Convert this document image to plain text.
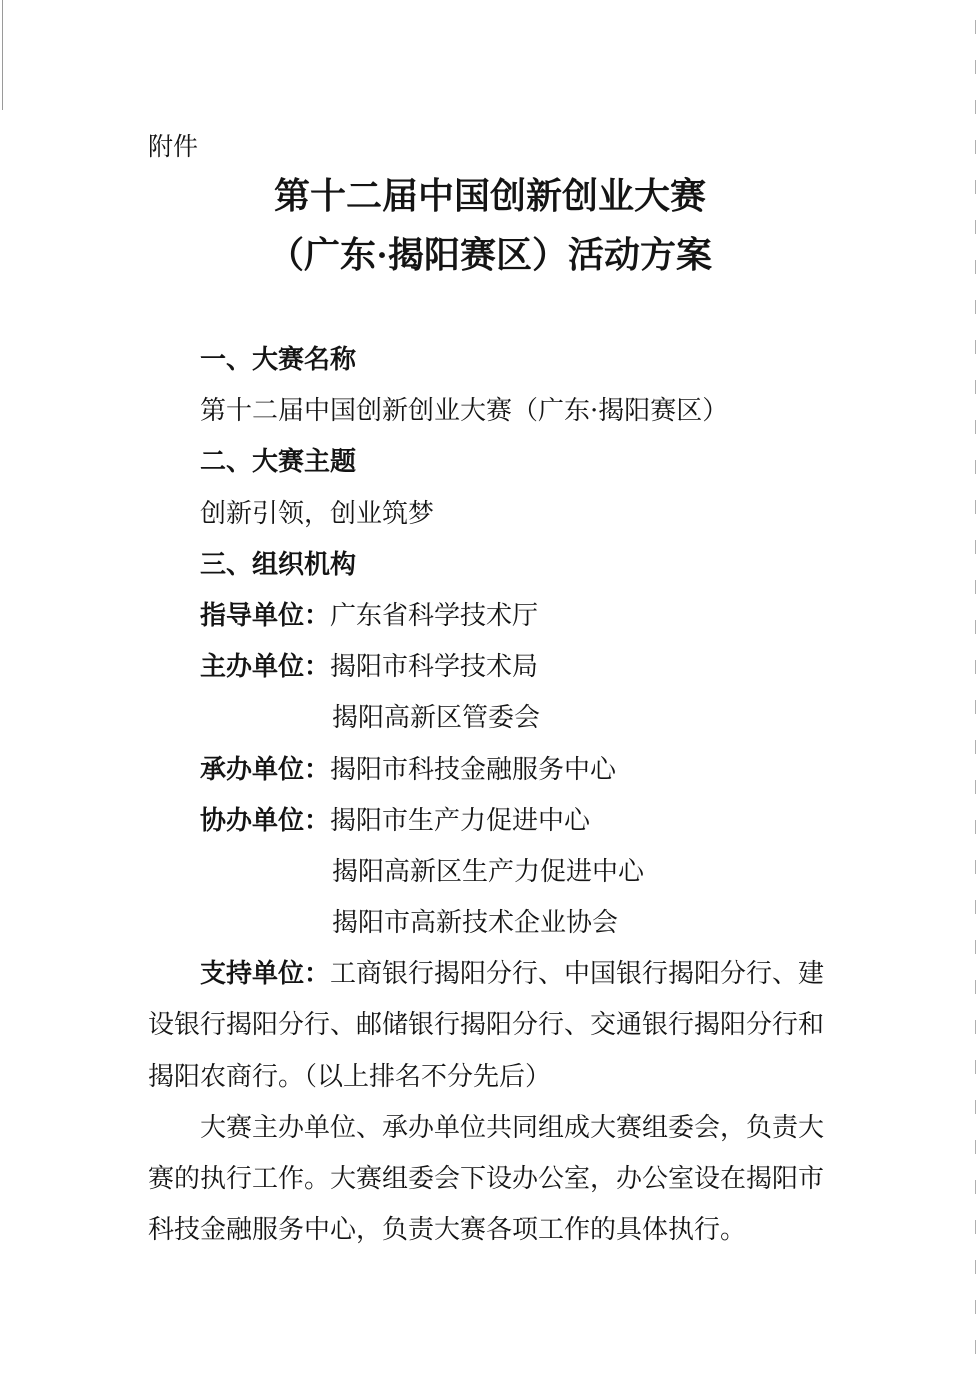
附件
第十二届中国创新创业大赛
（广东·揭阳赛区）活动方案
一、大赛名称
第十二届中国创新创业大赛（广东·揭阳赛区）
二、大赛主题
创新引领，创业筑梦
三、组织机构
指导单位：广东省科学技术厅
主办单位：揭阳市科学技术局
揭阳高新区管委会
承办单位：揭阳市科技金融服务中心
协办单位：揭阳市生产力促进中心
揭阳高新区生产力促进中心
揭阳市高新技术企业协会
支持单位：工商银行揭阳分行、中国银行揭阳分行、建
设银行揭阳分行、邮储银行揭阳分行、交通银行揭阳分行和
揭阳农商行。（以上排名不分先后）
大赛主办单位、承办单位共同组成大赛组委会，负责大
赛的执行工作。大赛组委会下设办公室，办公室设在揭阳市
科技金融服务中心，负责大赛各项工作的具体执行。
